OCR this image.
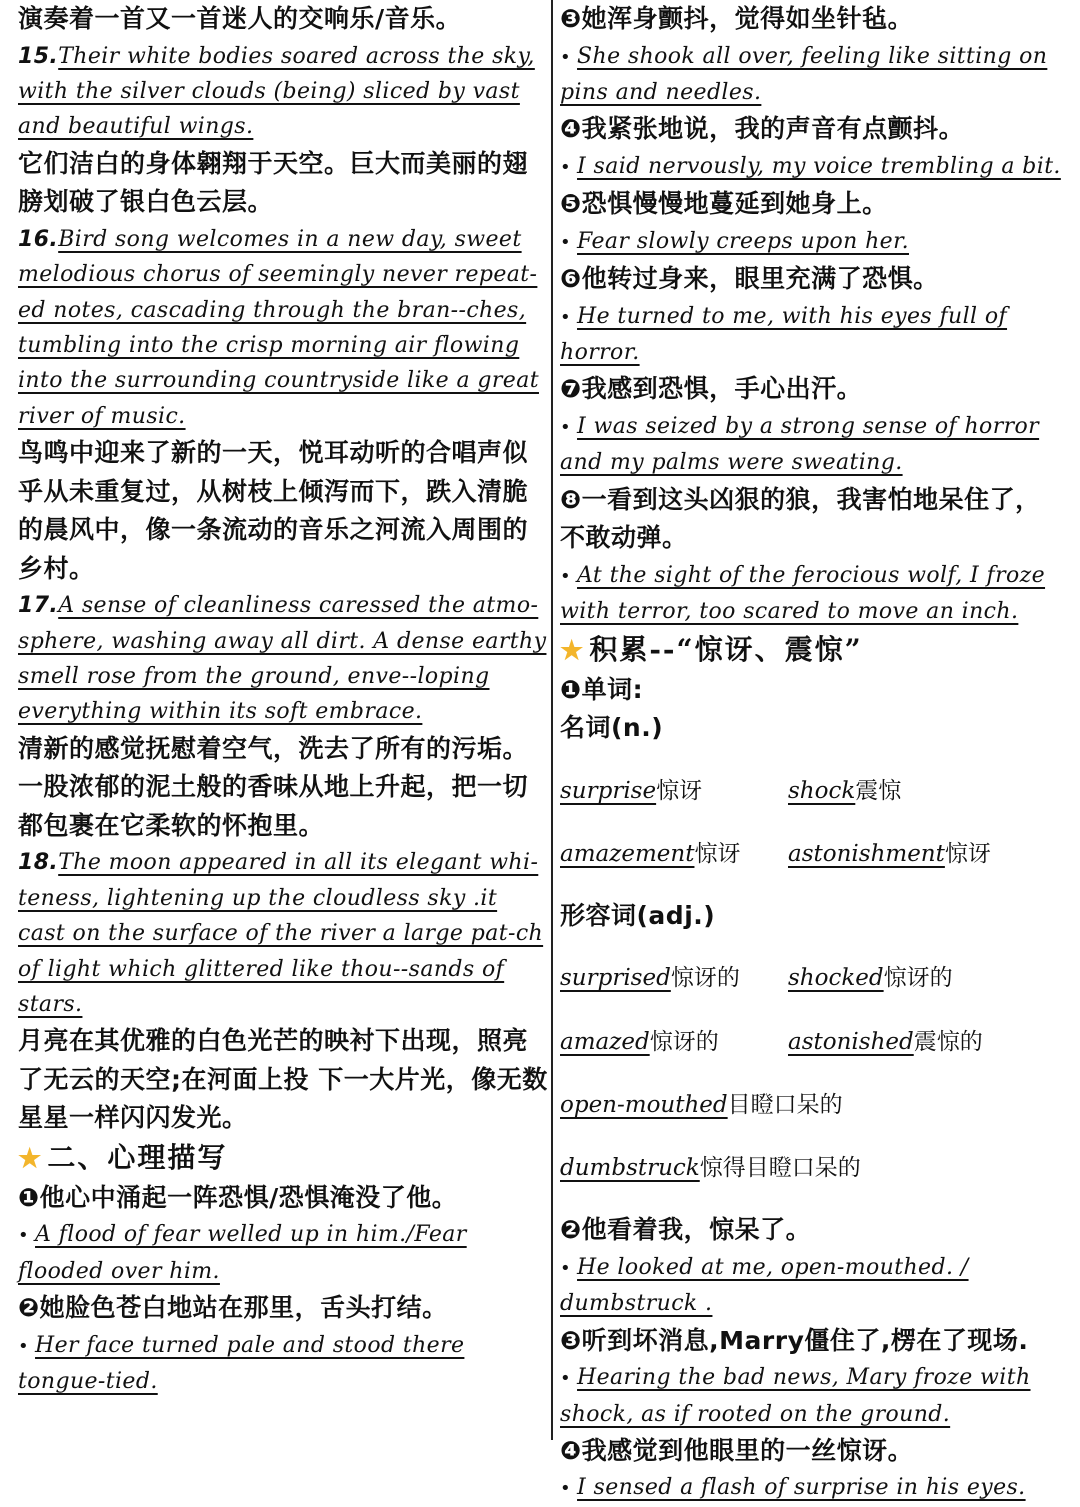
演奏着一首又一首迷人的交响乐/音乐。

15.Their white bodies soared across the sky, with the silver clouds (being) sliced by vast and beautiful wings.

它们洁白的身体翱翔于天空。巨大而美丽的翅膀划破了银白色云层。

16.Bird song welcomes in a new day, sweet melodious chorus of seemingly never repeat-ed notes, cascading through the bran--ches, tumbling into the crisp morning air flowing into the surrounding countryside like a great river of music.

鸟鸣中迎来了新的一天，悦耳动听的合唱声似乎从未重复过，从树枝上倾泻而下，跌入清脆的晨风中，像一条流动的音乐之河流入周围的乡村。

17.A sense of cleanliness caressed the atmo-sphere, washing away all dirt. A dense earthy smell rose from the ground, enve--loping everything within its soft embrace.

清新的感觉抚慰着空气，洗去了所有的污垢。一股浓郁的泥土般的香味从地上升起，把一切都包裹在它柔软的怀抱里。

18.The moon appeared in all its elegant whi-teness, lightening up the cloudless sky .it cast on the surface of the river a large pat-ch of light which glittered like thou--sands of stars.

月亮在其优雅的白色光芒的映衬下出现，照亮了无云的天空;在河面上投 下一大片光，像无数星星一样闪闪发光。

★ 二、心理描写

❶他心中涌起一阵恐惧/恐惧淹没了他。

• A flood of fear welled up in him./Fear flooded over him.

❷她脸色苍白地站在那里，舌头打结。

• Her face turned pale and stood there tongue-tied.

❸她浑身颤抖，觉得如坐针毡。

• She shook all over, feeling like sitting on pins and needles.

❹我紧张地说，我的声音有点颤抖。

• I said nervously, my voice trembling a bit.

❺恐惧慢慢地蔓延到她身上。

• Fear slowly creeps upon her.

❻他转过身来，眼里充满了恐惧。

• He turned to me, with his eyes full of horror.

❼我感到恐惧，手心出汗。

• I was seized by a strong sense of horror and my palms were sweating.

❽一看到这头凶狠的狼，我害怕地呆住了，不敢动弹。

• At the sight of the ferocious wolf, I froze with terror, too scared to move an inch.

★ 积累--“惊讶、震惊”

❶单词:

名词(n.)

surprise惊讶	shock震惊

amazement惊讶 astonishment惊讶

形容词(adj.)

surprised惊讶的 shocked惊讶的

amazed惊讶的	astonished震惊的

open-mouthed目瞪口呆的

dumbstruck惊得目瞪口呆的

❷他看着我，惊呆了。

• He looked at me, open-mouthed. / dumbstruck .

❸听到坏消息,Marry僵住了,楞在了现场.

• Hearing the bad news, Mary froze with shock, as if rooted on the ground.

❹我感觉到他眼里的一丝惊讶。

• I sensed a flash of surprise in his eyes.
